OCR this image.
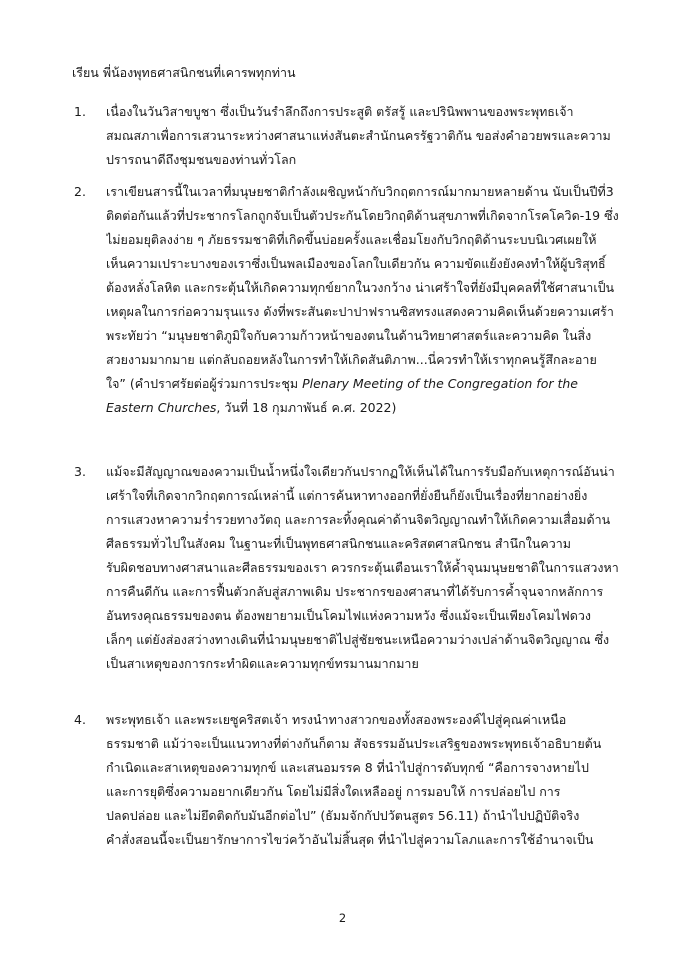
เรียน พี่น้องพุทธศาสนิกชนที่เคารพทุกท่าน
1. เนื่องในวันวิสาขบูชา ซึ่งเป็นวันรำลึกถึงการประสูติ ตรัสรู้ และปรินิพพานของพระพุทธเจ้า
สมณสภาเพื่อการเสวนาระหว่างศาสนาแห่งสันตะสำนักนครรัฐวาติกัน ขอส่งคำอวยพรและความ
ปรารถนาดีถึงชุมชนของท่านทั่วโลก
2. เราเขียนสารนี้ในเวลาที่มนุษยชาติกำลังเผชิญหน้ากับวิกฤตการณ์มากมายหลายด้าน นับเป็นปีที่3
ติดต่อกันแล้วที่ประชากรโลกถูกจับเป็นตัวประกันโดยวิกฤติด้านสุขภาพที่เกิดจากโรคโควิด-19 ซึ่ง
ไม่ยอมยุติลงง่าย ๆ ภัยธรรมชาติที่เกิดขึ้นบ่อยครั้งและเชื่อมโยงกับวิกฤติด้านระบบนิเวศเผยให้
เห็นความเปราะบางของเราซึ่งเป็นพลเมืองของโลกใบเดียวกัน ความขัดแย้งยังคงทำให้ผู้บริสุทธิ์
ต้องหลั่งโลหิต และกระตุ้นให้เกิดความทุกข์ยากในวงกว้าง น่าเศร้าใจที่ยังมีบุคคลที่ใช้ศาสนาเป็น
เหตุผลในการก่อความรุนแรง ดังที่พระสันตะปาปาฟรานซิสทรงแสดงความคิดเห็นด้วยความเศร้า
พระทัยว่า “มนุษยชาติภูมิใจกับความก้าวหน้าของตนในด้านวิทยาศาสตร์และความคิด ในสิ่ง
สวยงามมากมาย แต่กลับถอยหลังในการทำให้เกิดสันติภาพ...นี่ควรทำให้เราทุกคนรู้สึกละอาย
ใจ” (คำปราศรัยต่อผู้ร่วมการประชุม Plenary Meeting of the Congregation for the
Eastern Churches, วันที่ 18 กุมภาพันธ์ ค.ศ. 2022)
3. แม้จะมีสัญญาณของความเป็นน้ำหนึ่งใจเดียวกันปรากฏให้เห็นได้ในการรับมือกับเหตุการณ์อันน่า
เศร้าใจที่เกิดจากวิกฤตการณ์เหล่านี้ แต่การค้นหาทางออกที่ยั่งยืนก็ยังเป็นเรื่องที่ยากอย่างยิ่ง
การแสวงหาความร่ำรวยทางวัตถุ และการละทิ้งคุณค่าด้านจิตวิญญาณทำให้เกิดความเสื่อมด้าน
ศีลธรรมทั่วไปในสังคม ในฐานะที่เป็นพุทธศาสนิกชนและคริสตศาสนิกชน สำนึกในความ
รับผิดชอบทางศาสนาและศีลธรรมของเรา ควรกระตุ้นเตือนเราให้ค้ำจุนมนุษยชาติในการแสวงหา
การคืนดีกัน และการฟื้นตัวกลับสู่สภาพเดิม ประชากรของศาสนาที่ได้รับการค้ำจุนจากหลักการ
อันทรงคุณธรรมของตน ต้องพยายามเป็นโคมไฟแห่งความหวัง ซึ่งแม้จะเป็นเพียงโคมไฟดวง
เล็กๆ แต่ยังส่องสว่างทางเดินที่นำมนุษยชาติไปสู่ชัยชนะเหนือความว่างเปล่าด้านจิตวิญญาณ ซึ่ง
เป็นสาเหตุของการกระทำผิดและความทุกข์ทรมานมากมาย
4. พระพุทธเจ้า และพระเยซูคริสตเจ้า ทรงนำทางสาวกของทั้งสองพระองค์ไปสู่คุณค่าเหนือ
ธรรมชาติ แม้ว่าจะเป็นแนวทางที่ต่างกันก็ตาม สัจธรรมอันประเสริฐของพระพุทธเจ้าอธิบายต้น
กำเนิดและสาเหตุของความทุกข์ และเสนอมรรค 8 ที่นำไปสู่การดับทุกข์ “คือการจางหายไป
และการยุติซึ่งความอยากเดียวกัน โดยไม่มีสิ่งใดเหลืออยู่ การมอบให้ การปล่อยไป การ
ปลดปล่อย และไม่ยึดติดกับมันอีกต่อไป” (ธัมมจักกัปปวัตนสูตร 56.11) ถ้านำไปปฏิบัติจริง
คำสั่งสอนนี้จะเป็นยารักษาการไขว่คว้าอันไม่สิ้นสุด ที่นำไปสู่ความโลภและการใช้อำนาจเป็น
2
